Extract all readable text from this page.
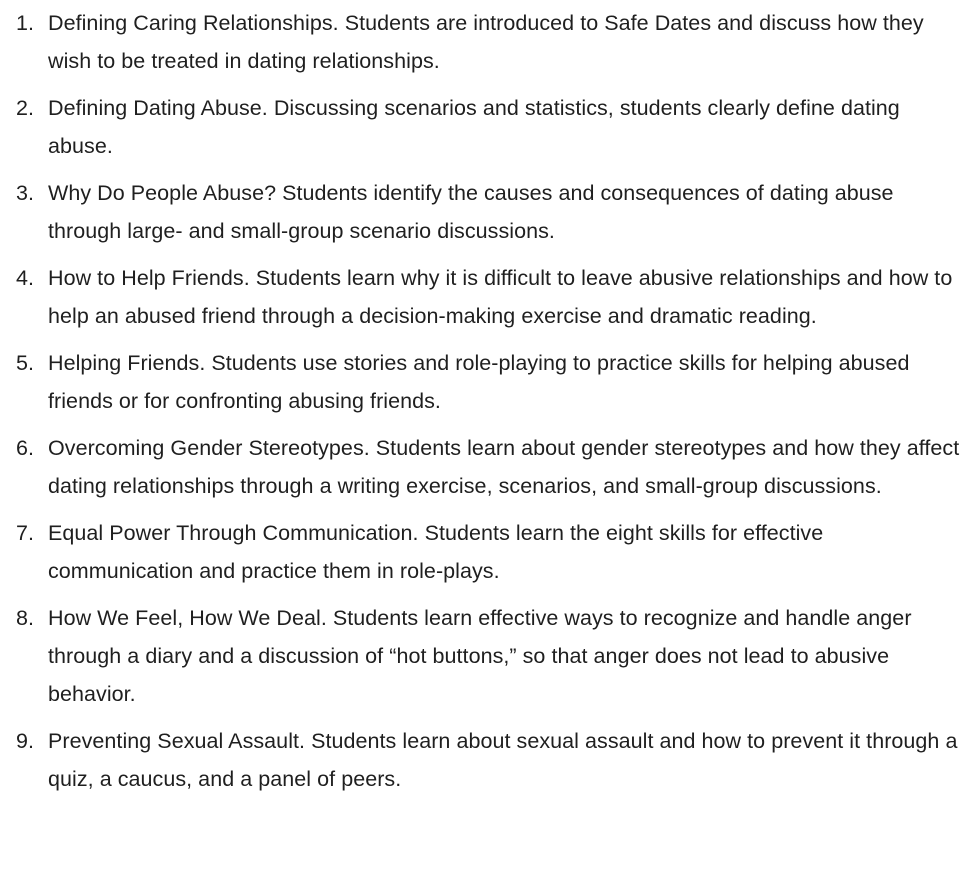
1. Defining Caring Relationships. Students are introduced to Safe Dates and discuss how they wish to be treated in dating relationships.
2. Defining Dating Abuse. Discussing scenarios and statistics, students clearly define dating abuse.
3. Why Do People Abuse? Students identify the causes and consequences of dating abuse through large- and small-group scenario discussions.
4. How to Help Friends. Students learn why it is difficult to leave abusive relationships and how to help an abused friend through a decision-making exercise and dramatic reading.
5. Helping Friends. Students use stories and role-playing to practice skills for helping abused friends or for confronting abusing friends.
6. Overcoming Gender Stereotypes. Students learn about gender stereotypes and how they affect dating relationships through a writing exercise, scenarios, and small-group discussions.
7. Equal Power Through Communication. Students learn the eight skills for effective communication and practice them in role-plays.
8. How We Feel, How We Deal. Students learn effective ways to recognize and handle anger through a diary and a discussion of “hot buttons,” so that anger does not lead to abusive behavior.
9. Preventing Sexual Assault. Students learn about sexual assault and how to prevent it through a quiz, a caucus, and a panel of peers.
